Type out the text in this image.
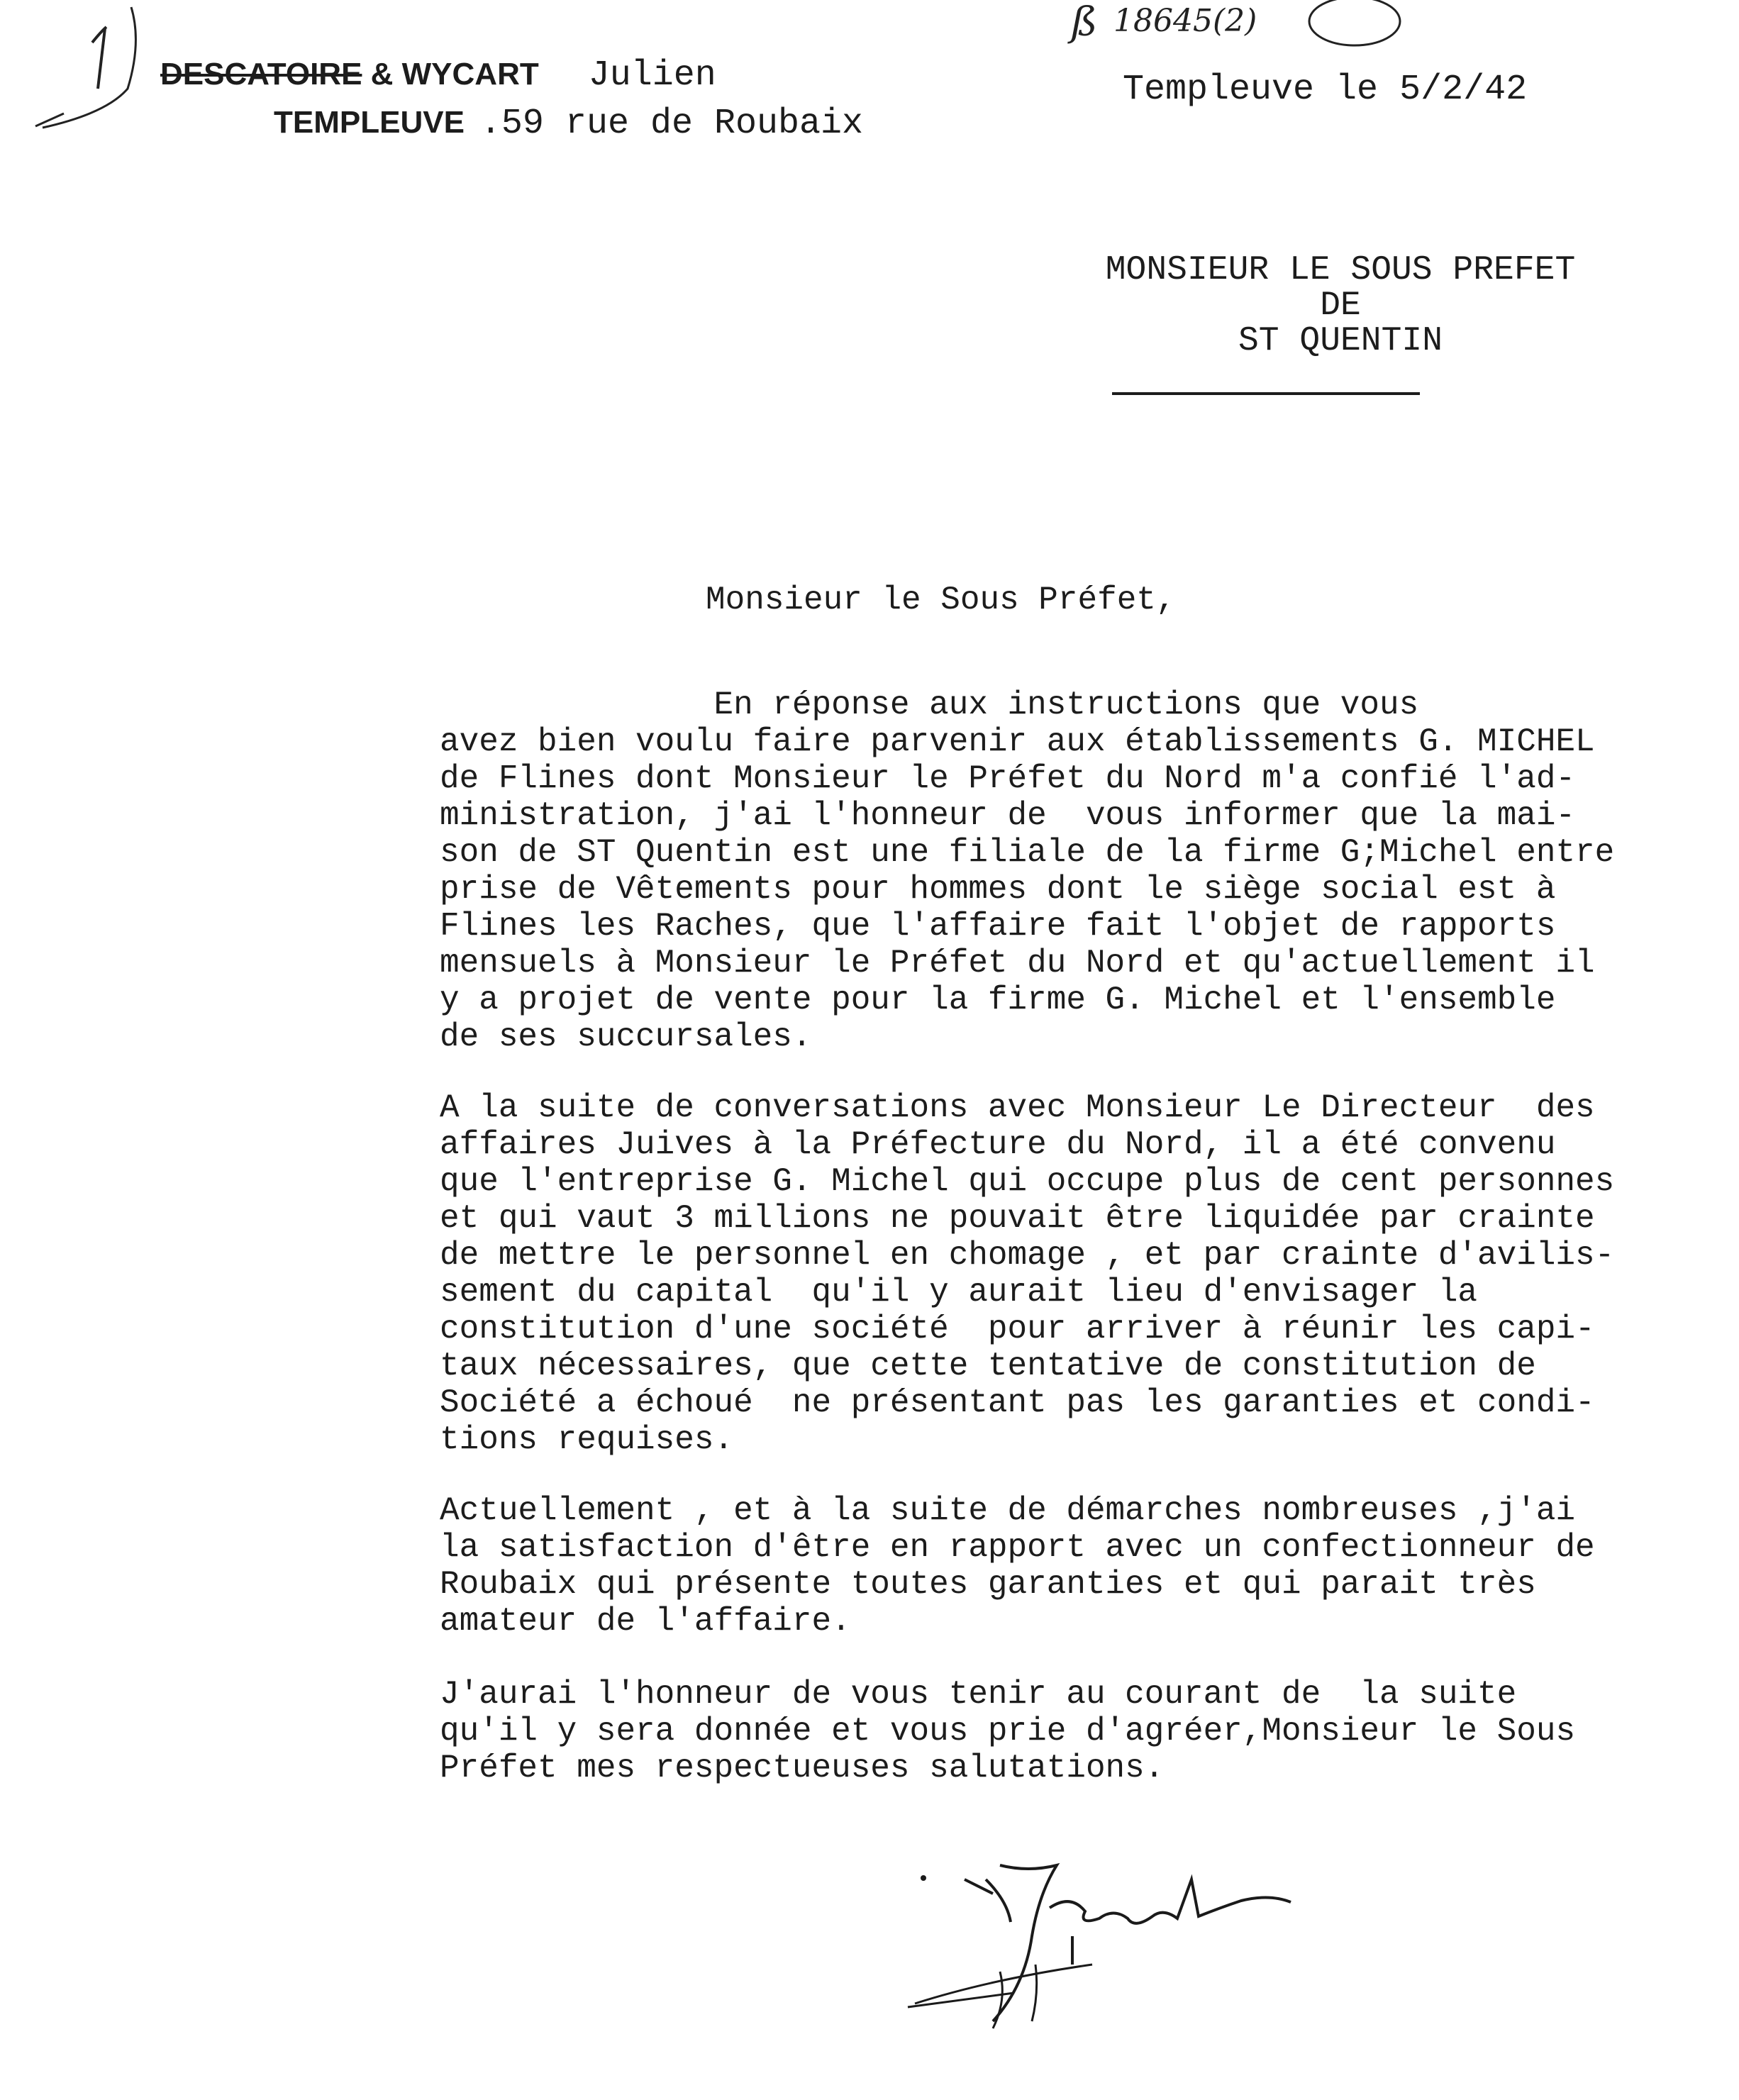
ß 18645(2)
DESCATOIRE & WYCART Julien
TEMPLEUVE .59 rue de Roubaix
Templeuve le 5/2/42
MONSIEUR LE SOUS PREFET
DE
ST QUENTIN
Monsieur le Sous Préfet,
En réponse aux instructions que vous
avez bien voulu faire parvenir aux établissements G. MICHEL
de Flines dont Monsieur le Préfet du Nord m'a confié l'ad-
ministration, j'ai l'honneur de  vous informer que la mai-
son de ST Quentin est une filiale de la firme G;Michel entre
prise de Vêtements pour hommes dont le siège social est à
Flines les Raches, que l'affaire fait l'objet de rapports
mensuels à Monsieur le Préfet du Nord et qu'actuellement il
y a projet de vente pour la firme G. Michel et l'ensemble
de ses succursales.
A la suite de conversations avec Monsieur Le Directeur  des
affaires Juives à la Préfecture du Nord, il a été convenu
que l'entreprise G. Michel qui occupe plus de cent personnes
et qui vaut 3 millions ne pouvait être liquidée par crainte
de mettre le personnel en chomage , et par crainte d'avilis-
sement du capital  qu'il y aurait lieu d'envisager la
constitution d'une société  pour arriver à réunir les capi-
taux nécessaires, que cette tentative de constitution de
Société a échoué  ne présentant pas les garanties et condi-
tions requises.
Actuellement , et à la suite de démarches nombreuses ,j'ai
la satisfaction d'être en rapport avec un confectionneur de
Roubaix qui présente toutes garanties et qui parait très
amateur de l'affaire.
J'aurai l'honneur de vous tenir au courant de  la suite
qu'il y sera donnée et vous prie d'agréer,Monsieur le Sous
Préfet mes respectueuses salutations.
